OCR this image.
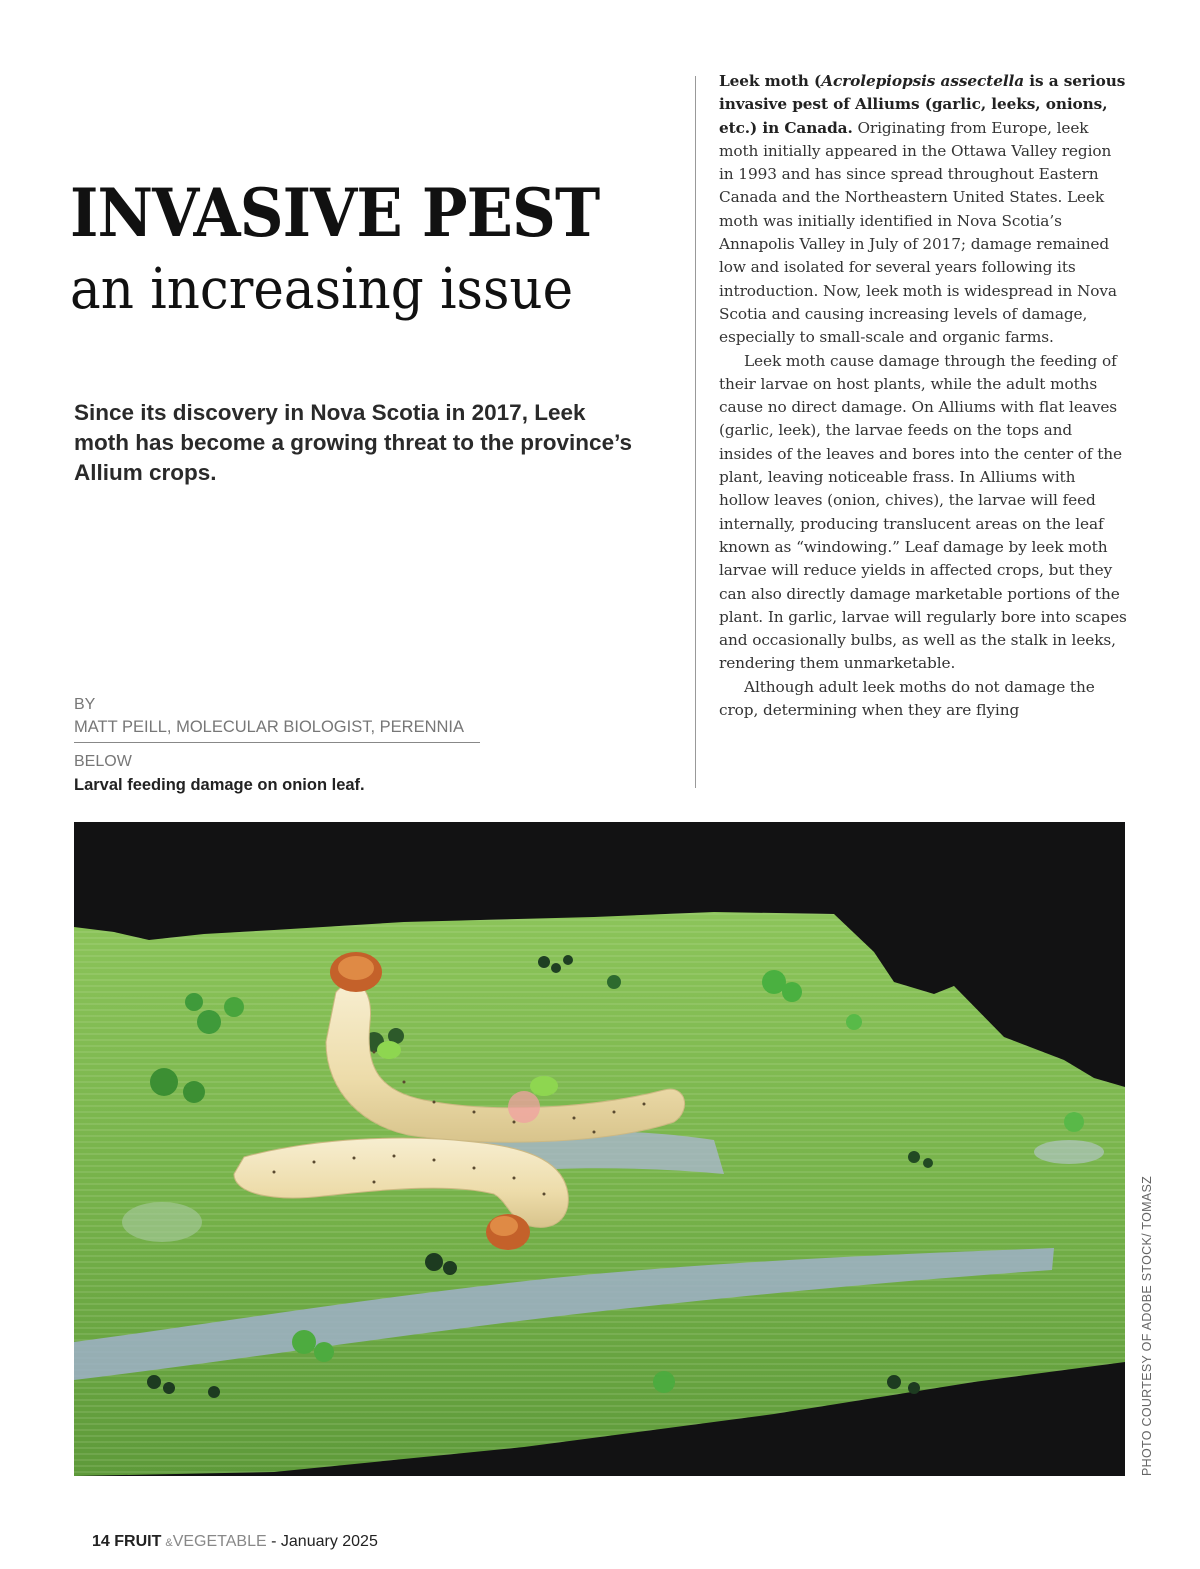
INVASIVE PEST
an increasing issue

Since its discovery in Nova Scotia in 2017, Leek moth has become a growing threat to the province’s Allium crops.

BY
MATT PEILL, MOLECULAR BIOLOGIST, PERENNIA
BELOW
Larval feeding damage on onion leaf.

Leek moth (Acrolepiopsis assectella is a serious invasive pest of Alliums (garlic, leeks, onions, etc.) in Canada. Originating from Europe, leek moth initially appeared in the Ottawa Valley region in 1993 and has since spread throughout Eastern Canada and the Northeastern United States. Leek moth was initially identified in Nova Scotia’s Annapolis Valley in July of 2017; damage remained low and isolated for several years following its introduction. Now, leek moth is widespread in Nova Scotia and causing increasing levels of damage, especially to small-scale and organic farms.

Leek moth cause damage through the feeding of their larvae on host plants, while the adult moths cause no direct damage. On Alliums with flat leaves (garlic, leek), the larvae feeds on the tops and insides of the leaves and bores into the center of the plant, leaving noticeable frass. In Alliums with hollow leaves (onion, chives), the larvae will feed internally, producing translucent areas on the leaf known as “windowing.” Leaf damage by leek moth larvae will reduce yields in affected crops, but they can also directly damage marketable portions of the plant. In garlic, larvae will regularly bore into scapes and occasionally bulbs, as well as the stalk in leeks, rendering them unmarketable.

Although adult leek moths do not damage the crop, determining when they are flying

PHOTO COURTESY OF ADOBE STOCK/ TOMASZ

14 FRUIT &VEGETABLE - January 2025
